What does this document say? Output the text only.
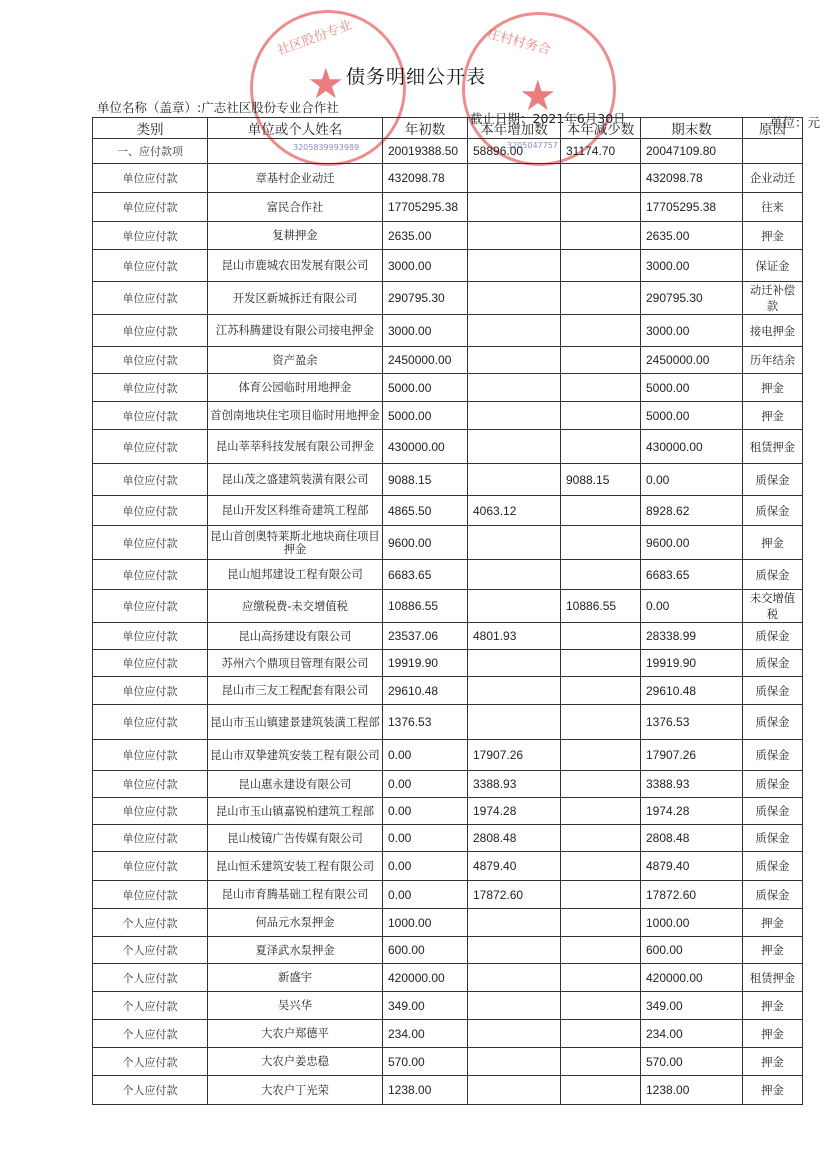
★
社区股份专业
3205839993989
★
庄村村务合
3205047757
债务明细公开表
单位名称（盖章）:广志社区股份专业合作社
截止日期：2021年6月30日	单位：元
类别	单位或个人姓名	年初数	本年增加数	本年减少数	期末数	原因
一、应付款项		20019388.50	58896.00	31174.70	20047109.80	
单位应付款	章基村企业动迁	432098.78			432098.78	企业动迁
单位应付款	富民合作社	17705295.38			17705295.38	往来
单位应付款	复耕押金	2635.00			2635.00	押金
单位应付款	昆山市鹿城农田发展有限公司	3000.00			3000.00	保证金
单位应付款	开发区新城拆迁有限公司	290795.30			290795.30	动迁补偿款
单位应付款	江苏科腾建设有限公司接电押金	3000.00			3000.00	接电押金
单位应付款	资产盈余	2450000.00			2450000.00	历年结余
单位应付款	体育公园临时用地押金	5000.00			5000.00	押金
单位应付款	首创南地块住宅项目临时用地押金	5000.00			5000.00	押金
单位应付款	昆山莘莘科技发展有限公司押金	430000.00			430000.00	租赁押金
单位应付款	昆山茂之盛建筑装潢有限公司	9088.15		9088.15	0.00	质保金
单位应付款	昆山开发区科维奇建筑工程部	4865.50	4063.12		8928.62	质保金
单位应付款	昆山首创奥特莱斯北地块商住项目押金	9600.00			9600.00	押金
单位应付款	昆山旭邦建设工程有限公司	6683.65			6683.65	质保金
单位应付款	应缴税费-未交增值税	10886.55		10886.55	0.00	未交增值税
单位应付款	昆山高扬建设有限公司	23537.06	4801.93		28338.99	质保金
单位应付款	苏州六个鼎项目管理有限公司	19919.90			19919.90	质保金
单位应付款	昆山市三友工程配套有限公司	29610.48			29610.48	质保金
单位应付款	昆山市玉山镇建景建筑装潢工程部	1376.53			1376.53	质保金
单位应付款	昆山市双挚建筑安装工程有限公司	0.00	17907.26		17907.26	质保金
单位应付款	昆山惠永建设有限公司	0.00	3388.93		3388.93	质保金
单位应付款	昆山市玉山镇嘉锐柏建筑工程部	0.00	1974.28		1974.28	质保金
单位应付款	昆山棱镜广告传媒有限公司	0.00	2808.48		2808.48	质保金
单位应付款	昆山恒禾建筑安装工程有限公司	0.00	4879.40		4879.40	质保金
单位应付款	昆山市育腾基础工程有限公司	0.00	17872.60		17872.60	质保金
个人应付款	何品元水泵押金	1000.00			1000.00	押金
个人应付款	夏泽武水泵押金	600.00			600.00	押金
个人应付款	新盛宇	420000.00			420000.00	租赁押金
个人应付款	吴兴华	349.00			349.00	押金
个人应付款	大农户郑德平	234.00			234.00	押金
个人应付款	大农户姜忠稳	570.00			570.00	押金
个人应付款	大农户丁光荣	1238.00			1238.00	押金
